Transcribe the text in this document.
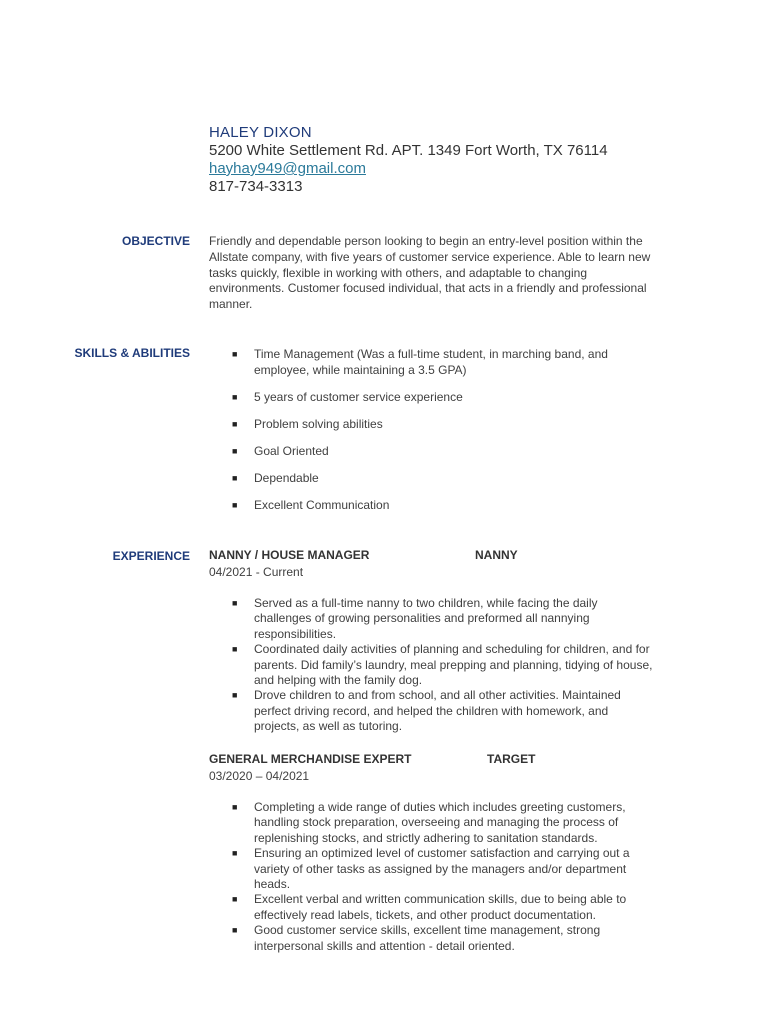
HALEY DIXON
5200 White Settlement Rd. APT. 1349 Fort Worth, TX 76114
hayhay949@gmail.com
817-734-3313
OBJECTIVE Friendly and dependable person looking to begin an entry-level position within the Allstate company, with five years of customer service experience. Able to learn new tasks quickly, flexible in working with others, and adaptable to changing environments. Customer focused individual, that acts in a friendly and professional manner.
SKILLS & ABILITIES	■ Time Management (Was a full-time student, in marching band, and employee, while maintaining a 3.5 GPA)
■ 5 years of customer service experience
■ Problem solving abilities
■ Goal Oriented
■ Dependable
■ Excellent Communication
EXPERIENCE NANNY / HOUSE MANAGER	NANNY
04/2021 - Current
■ Served as a full-time nanny to two children, while facing the daily challenges of growing personalities and preformed all nannying responsibilities.
■ Coordinated daily activities of planning and scheduling for children, and for parents. Did family’s laundry, meal prepping and planning, tidying of house, and helping with the family dog.
■ Drove children to and from school, and all other activities. Maintained perfect driving record, and helped the children with homework, and projects, as well as tutoring.
GENERAL MERCHANDISE EXPERT	TARGET
03/2020 – 04/2021
■ Completing a wide range of duties which includes greeting customers, handling stock preparation, overseeing and managing the process of replenishing stocks, and strictly adhering to sanitation standards.
■ Ensuring an optimized level of customer satisfaction and carrying out a variety of other tasks as assigned by the managers and/or department heads.
■ Excellent verbal and written communication skills, due to being able to effectively read labels, tickets, and other product documentation.
■ Good customer service skills, excellent time management, strong interpersonal skills and attention - detail oriented.
